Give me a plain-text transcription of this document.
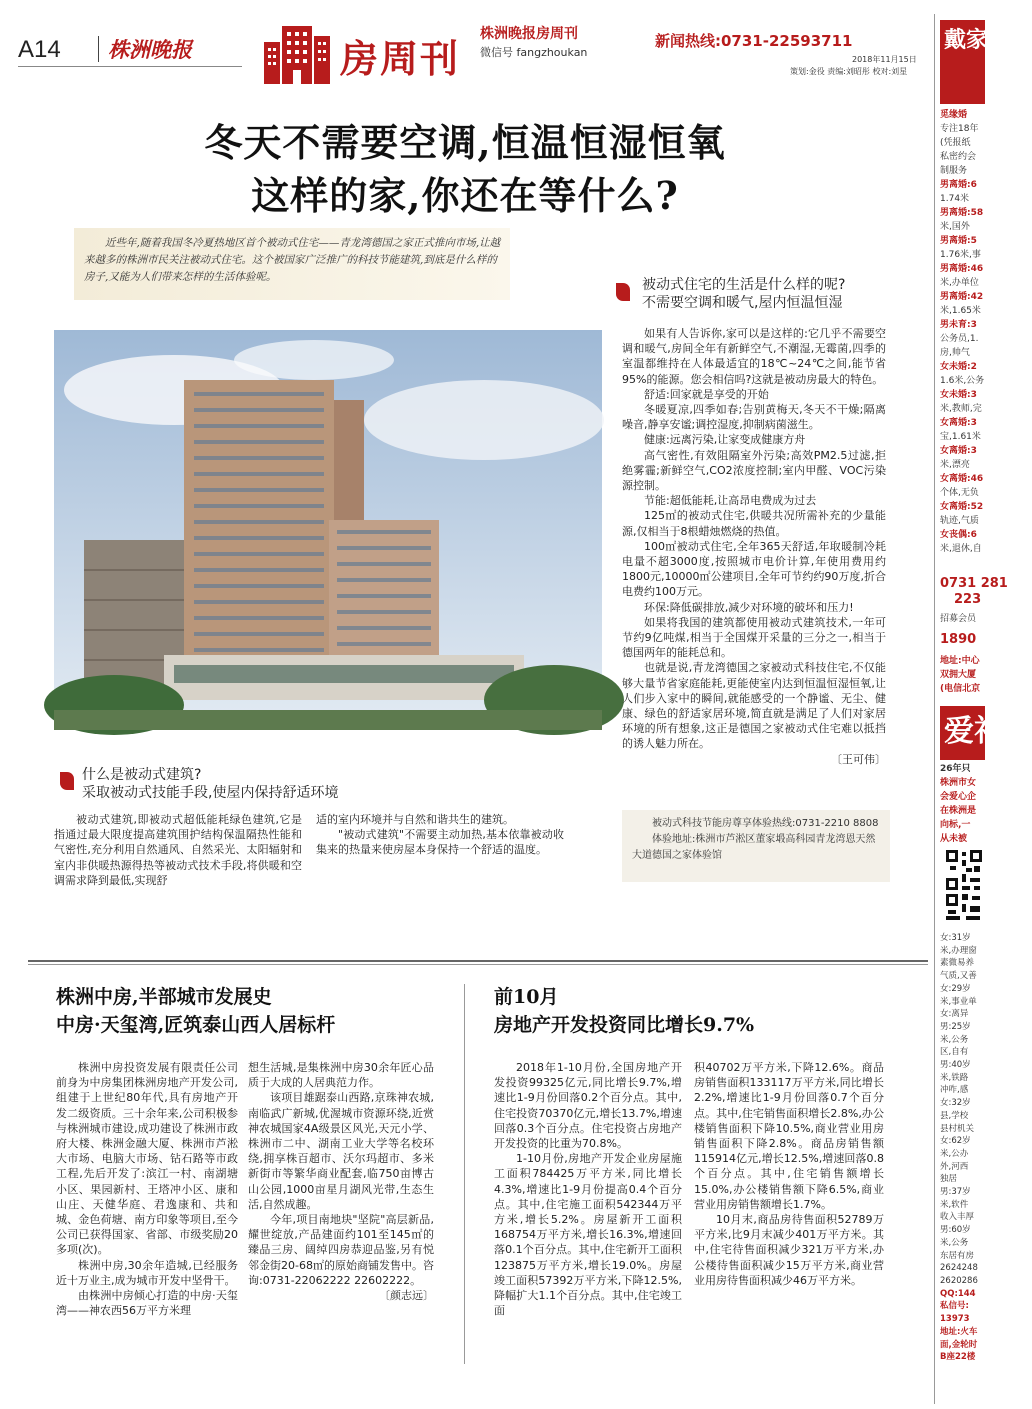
A14 株洲晚报	房周刊
株洲晚报房周刊
微信号 fangzhoukan
新闻热线:0731-22593711
2018年11月15日
策划:金役 责编:刘昭彤 校对:刘星
冬天不需要空调,恒温恒湿恒氧
这样的家,你还在等什么?
近些年,随着我国冬冷夏热地区首个被动式住宅——青龙湾德国之家正式推向市场,让越来越多的株洲市民关注被动式住宅。这个被国家广泛推广的科技节能建筑,到底是什么样的房子,又能为人们带来怎样的生活体验呢。	被动式住宅的生活是什么样的呢?
不需要空调和暖气,屋内恒温恒湿

如果有人告诉你,家可以是这样的:它几乎不需要空调和暖气,房间全年有新鲜空气,不潮湿,无霉菌,四季的室温都维持在人体最适宜的18℃~24℃之间,能节省95%的能源。您会相信吗?这就是被动房最大的特色。

舒适:回家就是享受的开始

冬暖夏凉,四季如春;告别黄梅天,冬天不干燥;隔离噪音,静享安谧;调控湿度,抑制病菌滋生。

健康:远离污染,让家变成健康方舟

高气密性,有效阻隔室外污染;高效PM2.5过滤,拒绝雾霾;新鲜空气,CO2浓度控制;室内甲醛、VOC污染源控制。

节能:超低能耗,让高昂电费成为过去

125㎡的被动式住宅,供暖共况所需补充的少量能源,仅相当于8根蜡烛燃烧的热值。

100㎡被动式住宅,全年365天舒适,年取暖制冷耗电量不超3000度,按照城市电价计算,年使用费用约1800元,10000㎡公建项目,全年可节约约90万度,折合电费约100万元。

环保:降低碳排放,减少对环境的破坏和压力!

如果将我国的建筑都使用被动式建筑技术,一年可节约9亿吨煤,相当于全国煤开采量的三分之一,相当于德国两年的能耗总和。

也就是说,青龙湾德国之家被动式科技住宅,不仅能够大量节省家庭能耗,更能使室内达到恒温恒湿恒氧,让人们步入家中的瞬间,就能感受的一个静谧、无尘、健康、绿色的舒适家居环境,简直就是满足了人们对家居环境的所有想象,这正是德国之家被动式住宅难以抵挡的诱人魅力所在。

〔王可伟〕

被动式科技节能房尊享体验热线:0731-2210 8808
体验地址:株洲市芦淞区董家塅高科园青龙湾恩天然大道德国之家体验馆
什么是被动式建筑?
采取被动式技能手段,使屋内保持舒适环境
被动式建筑,即被动式超低能耗绿色建筑,它是指通过最大限度提高建筑围护结构保温隔热性能和气密性,充分利用自然通风、自然采光、太阳辐射和室内非供暖热源得热等被动式技术手段,将供暖和空调需求降到最低,实现舒

适的室内环境并与自然和谐共生的建筑。

"被动式建筑"不需要主动加热,基本依靠被动收集来的热量来使房屋本身保持一个舒适的温度。

株洲中房,半部城市发展史
中房·天玺湾,匠筑泰山西人居标杆

株洲中房投资发展有限责任公司前身为中房集团株洲房地产开发公司,组建于上世纪80年代,具有房地产开发二级资质。三十余年来,公司积极参与株洲城市建设,成功建设了株洲市政府大楼、株洲金融大厦、株洲市芦淞大市场、电脑大市场、钻石路等市政工程,先后开发了:滨江一村、南湖塘小区、果园新村、王塔冲小区、康和山庄、天健华庭、君逸康和、共和城、金色荷塘、南方印象等项目,至今公司已获得国家、省部、市级奖励20多项(次)。

株洲中房,30余年造城,已经服务近十万业主,成为城市开发中坚骨干。

由株洲中房倾心打造的中房·天玺湾——神农西56万平方米理

想生活城,是集株洲中房30余年匠心品质于大成的人居典范力作。

该项目雄踞泰山西路,京珠神农城,南临武广新城,优渥城市资源环绕,近赏神农城国家4A级景区风光,天元小学、株洲市二中、湖南工业大学等名校环绕,拥享株百超市、沃尔玛超市、多米新街市等繁华商业配套,临750亩博古山公园,1000亩星月湖风光带,生态生活,自然成趣。

今年,项目南地块"坚院"高层新品,耀世绽放,产品建面约101至145㎡的臻品三房、阔绰四房恭迎品鉴,另有悦邻金街20-68㎡的原始商铺发售中。咨询:0731-22062222 22602222。

〔颜志远〕

前10月
房地产开发投资同比增长9.7%

2018年1-10月份,全国房地产开发投资99325亿元,同比增长9.7%,增速比1-9月份回落0.2个百分点。其中,住宅投资70370亿元,增长13.7%,增速回落0.3个百分点。住宅投资占房地产开发投资的比重为70.8%。

1-10月份,房地产开发企业房屋施工面积784425万平方米,同比增长4.3%,增速比1-9月份提高0.4个百分点。其中,住宅施工面积542344万平方米,增长5.2%。房屋新开工面积168754万平方米,增长16.3%,增速回落0.1个百分点。其中,住宅新开工面积123875万平方米,增长19.0%。房屋竣工面积57392万平方米,下降12.5%,降幅扩大1.1个百分点。其中,住宅竣工面

积40702万平方米,下降12.6%。商品房销售面积133117万平方米,同比增长2.2%,增速比1-9月份回落0.7个百分点。其中,住宅销售面积增长2.8%,办公楼销售面积下降10.5%,商业营业用房销售面积下降2.8%。商品房销售额115914亿元,增长12.5%,增速回落0.8个百分点。其中,住宅销售额增长15.0%,办公楼销售额下降6.5%,商业营业用房销售额增长1.7%。

10月末,商品房待售面积52789万平方米,比9月末减少401万平方米。其中,住宅待售面积减少321万平方米,办公楼待售面积减少15万平方米,商业营业用房待售面积减少46万平方米。

戴家株洲
觅缘婚
专注18年
(凭报纸
私密约会
制服务
男离婚:6
1.74米
男离婚:58
米,国外
男离婚:5
1.76米,事
男离婚:46
米,办单位
男离婚:42
米,1.65米
男未育:3
公务员,1.
房,帅气
女未婚:2
1.6米,公务
女未婚:3
米,教师,完
女离婚:3
宝,1.61米
女离婚:3
米,漂亮
女离婚:46
个体,无负
女离婚:52
轨迹,气质
女丧偶:6
米,退休,自
0731 281
223
招募会员
1890
地址:中心
双拥大厦
(电信北京
爱神
26年只
株洲市女
会爱心企
在株洲是
向标,一
从未被
女:31岁
米,办理窗
素微易养
气质,又善
女:29岁
米,事业单
女:离异
男:25岁
米,公务
区,自有
男:40岁
米,铁路
冲咋,感
女:32岁
县,学校
县村机关
女:62岁
米,公办
外,河西
独居
男:37岁
米,软件
收入丰厚
男:60岁
米,公务
东居有房
2624248
2620286
QQ:144
私信号:
13973
地址:火车
面,金轮时
B座22楼
